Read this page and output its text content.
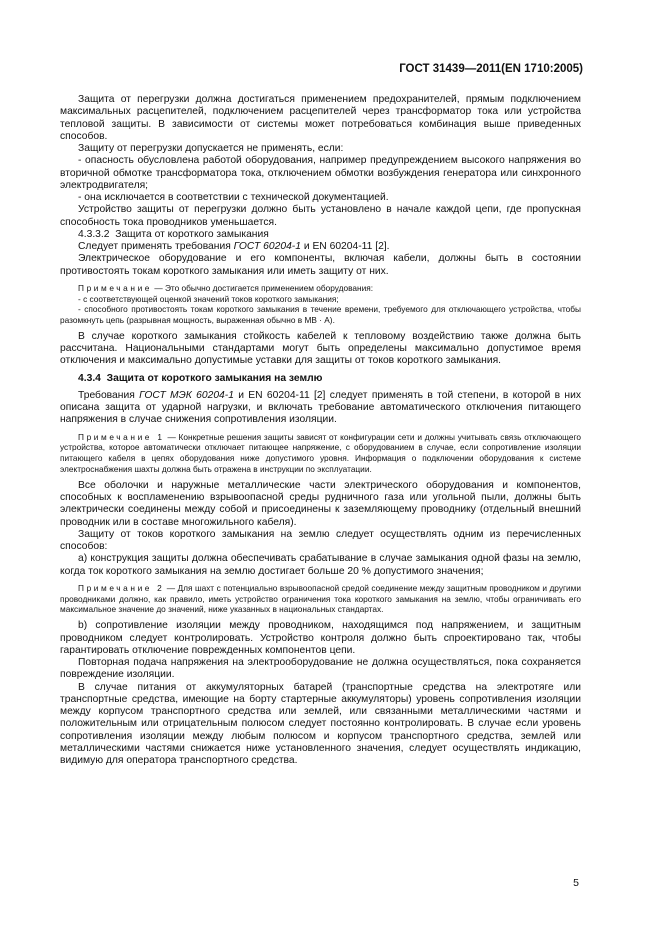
ГОСТ 31439—2011(EN 1710:2005)

Защита от перегрузки должна достигаться применением предохранителей, прямым подключением максимальных расцепителей, подключением расцепителей через трансформатор тока или устройства тепловой защиты. В зависимости от системы может потребоваться комбинация выше приведенных способов.

Защиту от перегрузки допускается не применять, если:

- опасность обусловлена работой оборудования, например предупреждением высокого напряжения во вторичной обмотке трансформатора тока, отключением обмотки возбуждения генератора или синхронного электродвигателя;

- она исключается в соответствии с технической документацией.

Устройство защиты от перегрузки должно быть установлено в начале каждой цепи, где пропускная способность тока проводников уменьшается.

4.3.3.2 Защита от короткого замыкания

Следует применять требования ГОСТ 60204-1 и EN 60204-11 [2].

Электрическое оборудование и его компоненты, включая кабели, должны быть в состоянии противостоять токам короткого замыкания или иметь защиту от них.

Примечание — Это обычно достигается применением оборудования:

- с соответствующей оценкой значений токов короткого замыкания;

- способного противостоять токам короткого замыкания в течение времени, требуемого для отключающего устройства, чтобы разомкнуть цепь (разрывная мощность, выраженная обычно в МВ · А).

В случае короткого замыкания стойкость кабелей к тепловому воздействию также должна быть рассчитана. Национальными стандартами могут быть определены максимально допустимое время отключения и максимально допустимые уставки для защиты от токов короткого замыкания.

4.3.4 Защита от короткого замыкания на землю

Требования ГОСТ МЭК 60204-1 и EN 60204-11 [2] следует применять в той степени, в которой в них описана защита от ударной нагрузки, и включать требование автоматического отключения питающего напряжения в случае снижения сопротивления изоляции.

Примечание 1 — Конкретные решения защиты зависят от конфигурации сети и должны учитывать связь отключающего устройства, которое автоматически отключает питающее напряжение, с оборудованием в случае, если сопротивление изоляции питающего кабеля в цепях оборудования ниже допустимого уровня. Информация о подключении оборудования к системе электроснабжения шахты должна быть отражена в инструкции по эксплуатации.

Все оболочки и наружные металлические части электрического оборудования и компонентов, способных к воспламенению взрывоопасной среды рудничного газа или угольной пыли, должны быть электрически соединены между собой и присоединены к заземляющему проводнику (отдельный внешний проводник или в составе многожильного кабеля).

Защиту от токов короткого замыкания на землю следует осуществлять одним из перечисленных способов:

а) конструкция защиты должна обеспечивать срабатывание в случае замыкания одной фазы на землю, когда ток короткого замыкания на землю достигает больше 20 % допустимого значения;

Примечание 2 — Для шахт с потенциально взрывоопасной средой соединение между защитным проводником и другими проводниками должно, как правило, иметь устройство ограничения тока короткого замыкания на землю, чтобы ограничивать его максимальное значение до значений, ниже указанных в национальных стандартах.

b) сопротивление изоляции между проводником, находящимся под напряжением, и защитным проводником следует контролировать. Устройство контроля должно быть спроектировано так, чтобы гарантировать отключение поврежденных компонентов цепи.

Повторная подача напряжения на электрооборудование не должна осуществляться, пока сохраняется повреждение изоляции.

В случае питания от аккумуляторных батарей (транспортные средства на электротяге или транспортные средства, имеющие на борту стартерные аккумуляторы) уровень сопротивления изоляции между корпусом транспортного средства или землей, или связанными металлическими частями и положительным или отрицательным полюсом следует постоянно контролировать. В случае если уровень сопротивления изоляции между любым полюсом и корпусом транспортного средства, землей или металлическими частями снижается ниже установленного значения, следует осуществлять индикацию, видимую для оператора транспортного средства.

5
